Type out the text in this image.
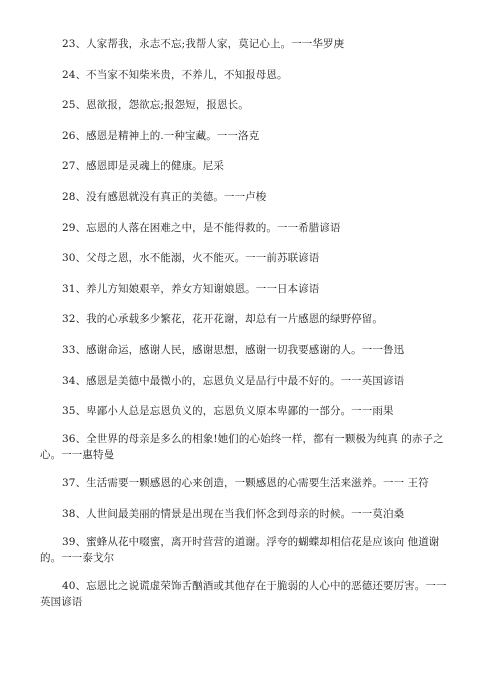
23、人家帮我，永志不忘;我帮人家，莫记心上。一一华罗庚

24、不当家不知柴米贵，不养儿，不知报母恩。

25、恩欲报，怨欲忘;报怨短，报恩长。

26、感恩是精神上的.一种宝藏。一一洛克

27、感恩即是灵魂上的健康。尼采

28、没有感恩就没有真正的美德。一一卢梭

29、忘恩的人落在困难之中，是不能得救的。一一希腊谚语

30、父母之恩，水不能溺，火不能灭。一一前苏联谚语

31、养儿方知娘艰辛，养女方知谢娘恩。一一日本谚语

32、我的心承载多少繁花，花开花谢，却总有一片感恩的绿野停留。

33、感谢命运，感谢人民，感谢思想，感谢一切我要感谢的人。一一鲁迅

34、感恩是美德中最微小的，忘恩负义是品行中最不好的。一一英国谚语

35、卑鄙小人总是忘恩负义的，忘恩负义原本卑鄙的一部分。一一雨果

36、全世界的母亲是多么的相象!她们的心始终一样，都有一颗极为纯真 的赤子之心。一一惠特曼

37、生活需要一颗感恩的心来创造，一颗感恩的心需要生活来滋养。一一 王符

38、人世间最美丽的情景是出现在当我们怀念到母亲的时候。一一莫泊桑

39、蜜蜂从花中啜蜜，离开时营营的道谢。浮夸的蝴蝶却相信花是应该向 他道谢的。一一泰戈尔

40、忘恩比之说谎虚荣饰舌酗酒或其他存在于脆弱的人心中的恶德还要厉害。一一英国谚语
